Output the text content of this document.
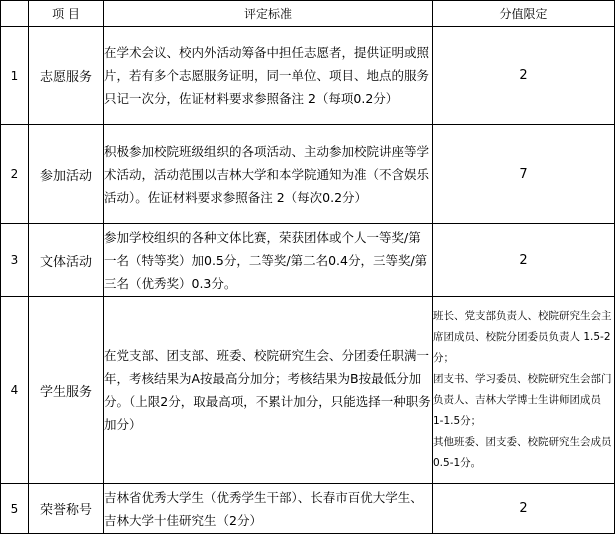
	项 目	评定标准	分值限定
1	志愿服务	在学术会议、校内外活动筹备中担任志愿者，提供证明或照片，若有多个志愿服务证明，同一单位、项目、地点的服务只记一次分，佐证材料要求参照备注 2（每项0.2分）	2
2	参加活动	积极参加校院班级组织的各项活动、主动参加校院讲座等学术活动，活动范围以吉林大学和本学院通知为准（不含娱乐活动）。佐证材料要求参照备注 2（每次0.2分）	7
3	文体活动	参加学校组织的各种文体比赛，荣获团体或个人一等奖/第一名（特等奖）加0.5分，二等奖/第二名0.4分，三等奖/第三名（优秀奖）0.3分。	2
4	学生服务	在党支部、团支部、班委、校院研究生会、分团委任职满一年，考核结果为A按最高分加分；考核结果为B按最低分加分。（上限2分，取最高项，不累计加分，只能选择一种职务加分）	班长、党支部负责人、校院研究生会主席团成员、校院分团委员负责人 1.5-2分；
团支书、学习委员、校院研究生会部门负责人、吉林大学博士生讲师团成员 1-1.5分；
其他班委、团支委、校院研究生会成员 0.5-1分。

5	荣誉称号	吉林省优秀大学生（优秀学生干部）、长春市百优大学生、吉林大学十佳研究生（2分）	2
